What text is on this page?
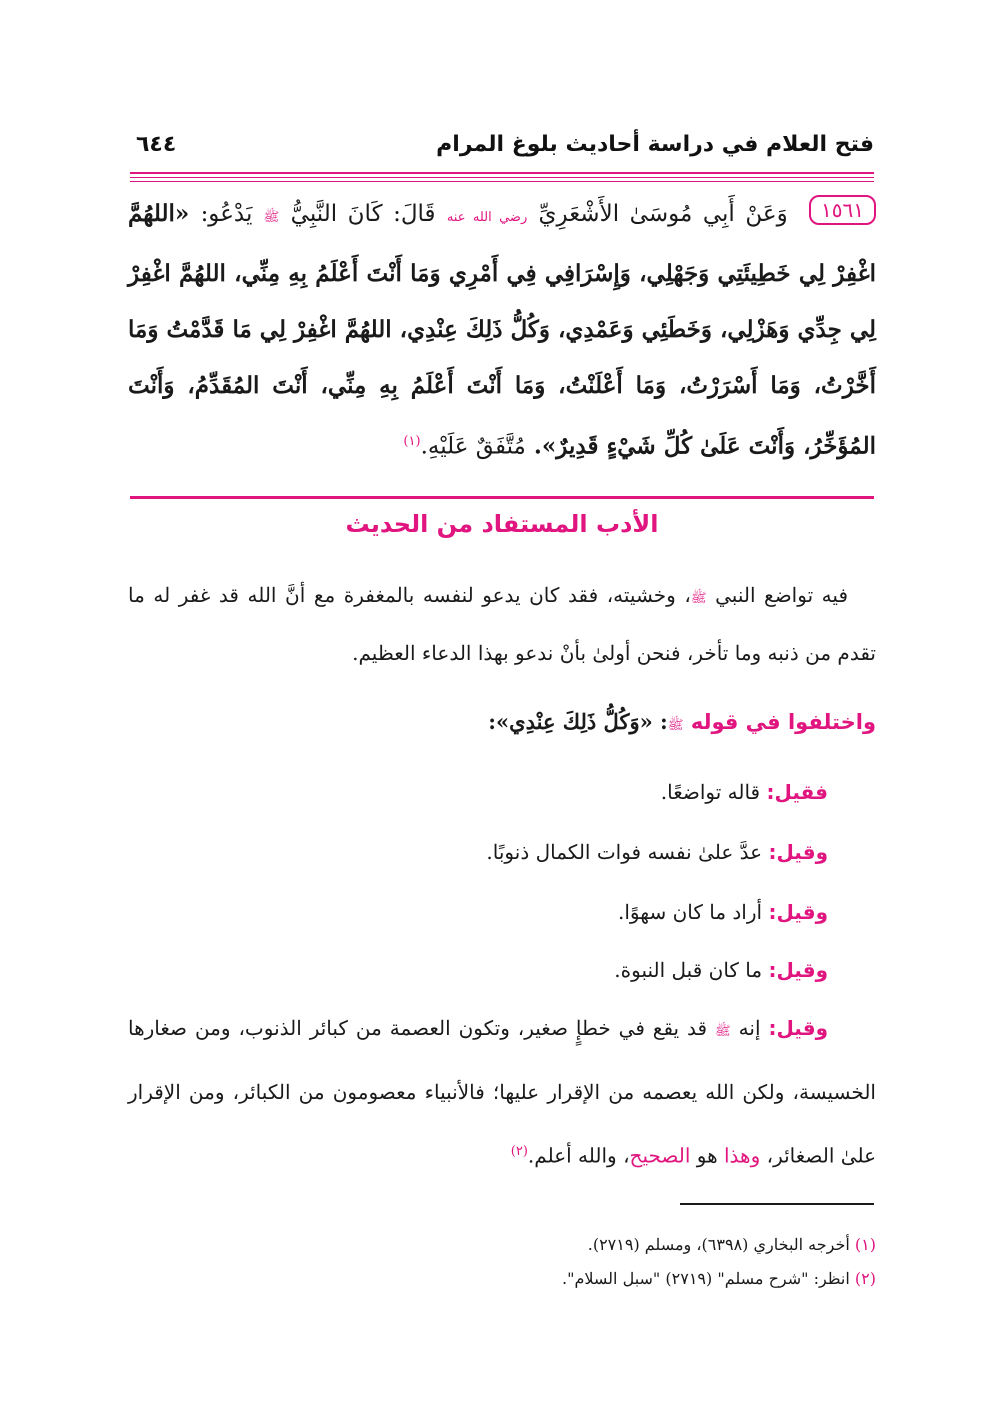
فتح العلام في دراسة أحاديث بلوغ المرام
٦٤٤
١٥٦١ وَعَنْ أَبِي مُوسَىٰ الأَشْعَرِيِّ رضي الله عنه قَالَ: كَانَ النَّبِيُّ ﷺ يَدْعُو: «اللهُمَّ اغْفِرْ لِي خَطِيئَتِي وَجَهْلِي، وَإِسْرَافِي فِي أَمْرِي وَمَا أَنْتَ أَعْلَمُ بِهِ مِنِّي، اللهُمَّ اغْفِرْ لِي جِدِّي وَهَزْلِي، وَخَطَئِي وَعَمْدِي، وَكُلُّ ذَلِكَ عِنْدِي، اللهُمَّ اغْفِرْ لِي مَا قَدَّمْتُ وَمَا أَخَّرْتُ، وَمَا أَسْرَرْتُ، وَمَا أَعْلَنْتُ، وَمَا أَنْتَ أَعْلَمُ بِهِ مِنِّي، أَنْتَ المُقَدِّمُ، وَأَنْتَ المُؤَخِّرُ، وَأَنْتَ عَلَىٰ كُلِّ شَيْءٍ قَدِيرٌ». مُتَّفَقٌ عَلَيْهِ.$^{(١)}$
الأدب المستفاد من الحديث
فيه تواضع النبي ﷺ، وخشيته، فقد كان يدعو لنفسه بالمغفرة مع أنَّ الله قد غفر له ما تقدم من ذنبه وما تأخر، فنحن أولىٰ بأنْ ندعو بهذا الدعاء العظيم.
واختلفوا في قوله ﷺ: «وَكُلُّ ذَلِكَ عِنْدِي»:
فقيل: قاله تواضعًا.
وقيل: عدَّ علىٰ نفسه فوات الكمال ذنوبًا.
وقيل: أراد ما كان سهوًا.
وقيل: ما كان قبل النبوة.
وقيل: إنه ﷺ قد يقع في خطإٍ صغير، وتكون العصمة من كبائر الذنوب، ومن صغارها الخسيسة، ولكن الله يعصمه من الإقرار عليها؛ فالأنبياء معصومون من الكبائر، ومن الإقرار علىٰ الصغائر، وهذا هو الصحيح، والله أعلم.$^{(٢)}$
(١) أخرجه البخاري (٦٣٩٨)، ومسلم (٢٧١٩).
(٢) انظر: "شرح مسلم" (٢٧١٩) "سبل السلام".
